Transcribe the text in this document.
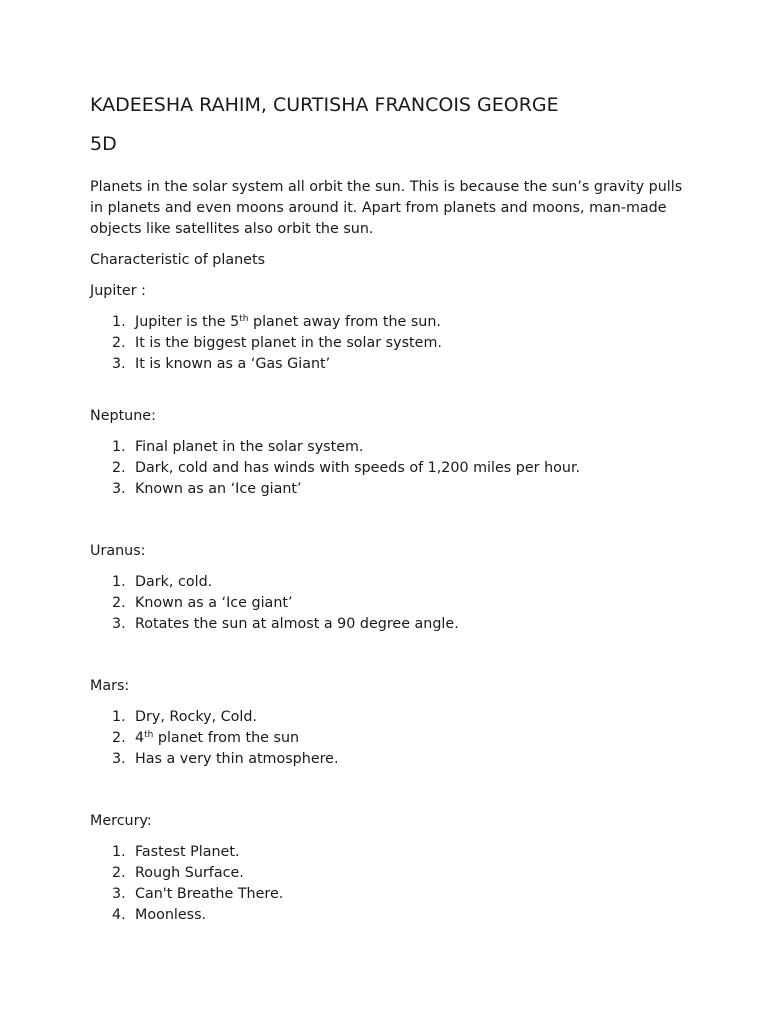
KADEESHA RAHIM, CURTISHA FRANCOIS GEORGE
5D
Planets in the solar system all orbit the sun. This is because the sun’s gravity pulls in planets and even moons around it. Apart from planets and moons, man-made objects like satellites also orbit the sun.
Characteristic of planets
Jupiter :
1. Jupiter is the 5th planet away from the sun.
2. It is the biggest planet in the solar system.
3. It is known as a ‘Gas Giant’
Neptune:
1. Final planet in the solar system.
2. Dark, cold and has winds with speeds of 1,200 miles per hour.
3. Known as an ‘Ice giant’
Uranus:
1. Dark, cold.
2. Known as a ‘Ice giant’
3. Rotates the sun at almost a 90 degree angle.
Mars:
1. Dry, Rocky, Cold.
2. 4th planet from the sun
3. Has a very thin atmosphere.
Mercury:
1. Fastest Planet.
2. Rough Surface.
3. Can't Breathe There.
4. Moonless.
